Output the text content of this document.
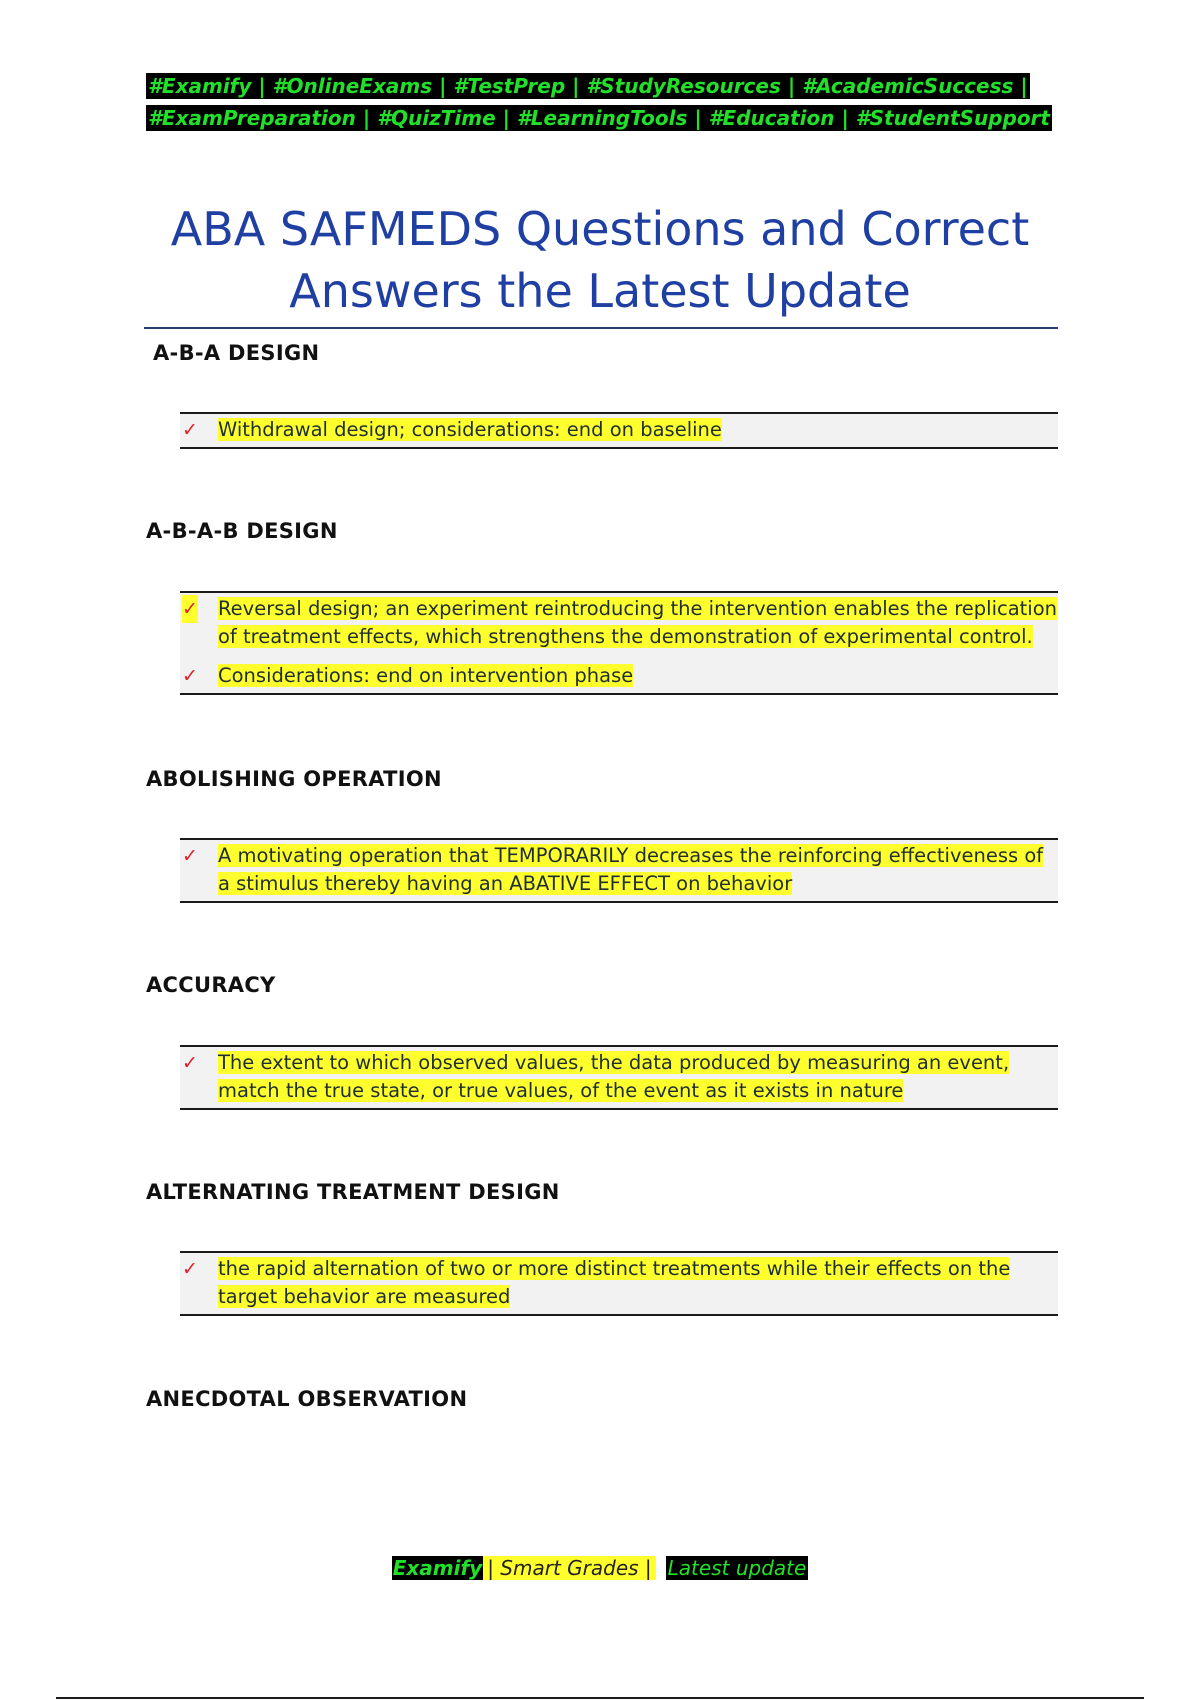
#Examify | #OnlineExams | #TestPrep | #StudyResources | #AcademicSuccess |
#ExamPreparation | #QuizTime | #LearningTools | #Education | #StudentSupport
ABA SAFMEDS Questions and Correct
Answers the Latest Update
A-B-A DESIGN
✓ Withdrawal design; considerations: end on baseline
A-B-A-B DESIGN
✓ Reversal design; an experiment reintroducing the intervention enables the replication of treatment effects, which strengthens the demonstration of experimental control.
✓ Considerations: end on intervention phase
ABOLISHING OPERATION
✓ A motivating operation that TEMPORARILY decreases the reinforcing effectiveness of a stimulus thereby having an ABATIVE EFFECT on behavior
ACCURACY
✓ The extent to which observed values, the data produced by measuring an event, match the true state, or true values, of the event as it exists in nature
ALTERNATING TREATMENT DESIGN
✓ the rapid alternation of two or more distinct treatments while their effects on the target behavior are measured
ANECDOTAL OBSERVATION
Examify | Smart Grades | Latest update
